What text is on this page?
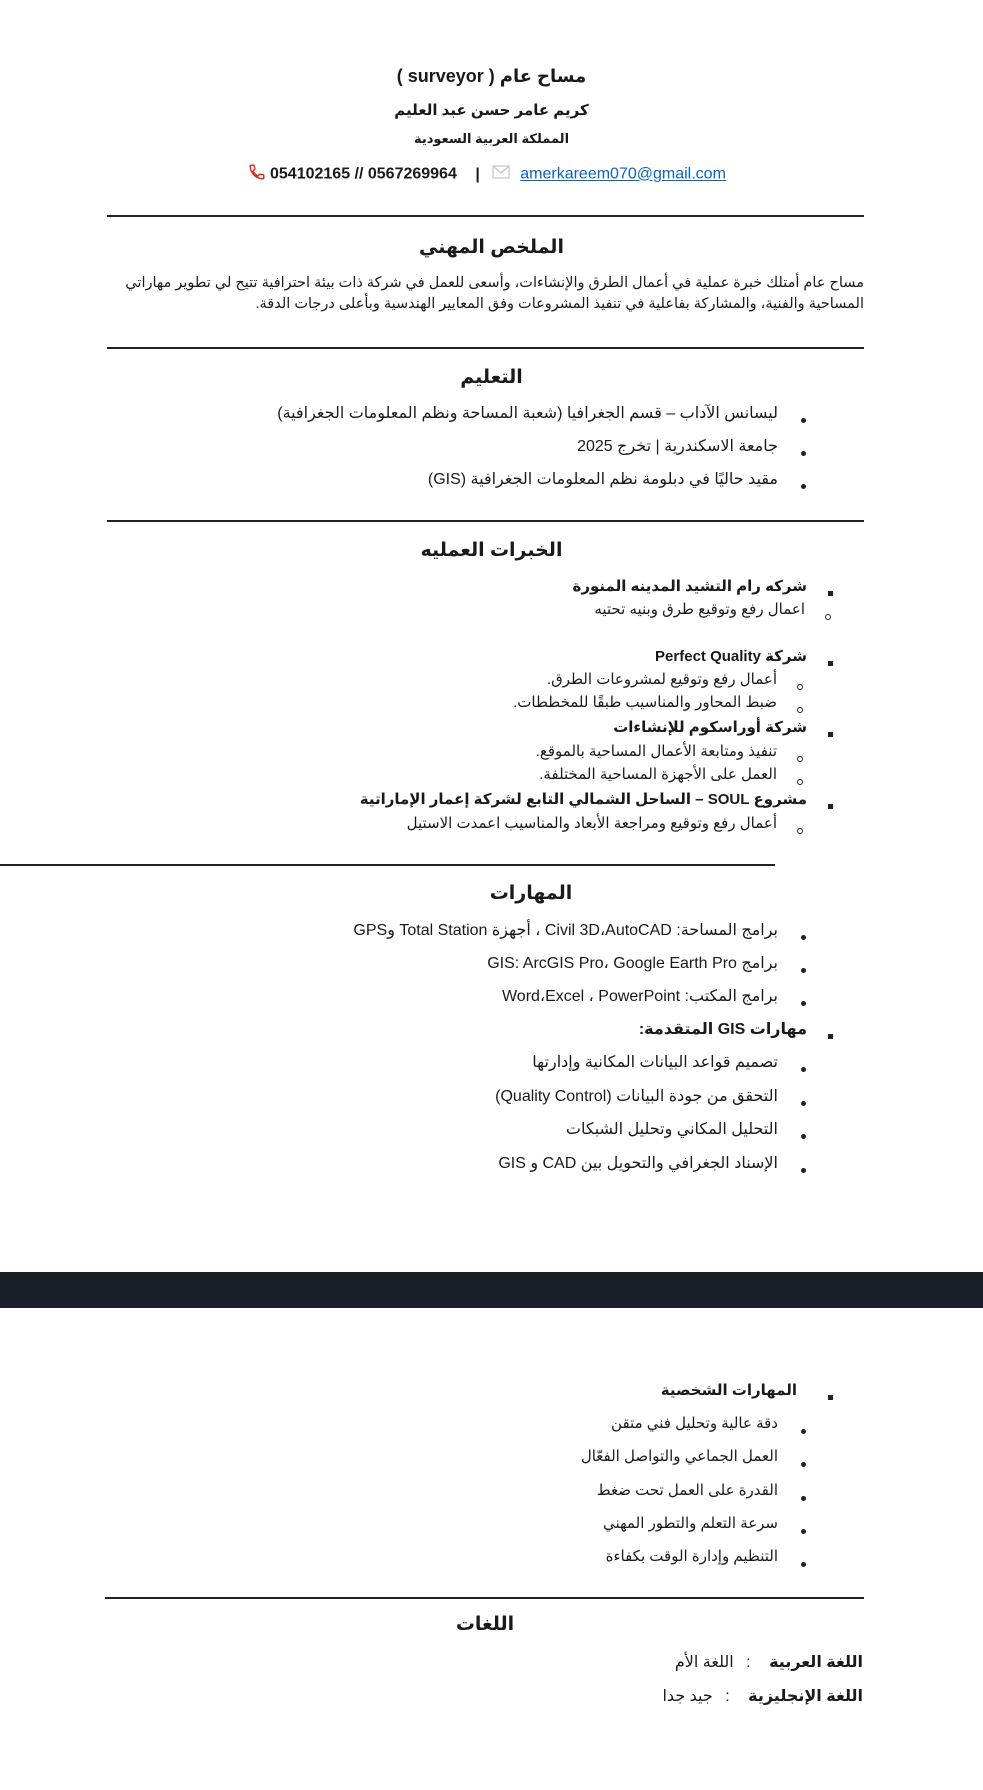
مساح عام ( surveyor )
كريم عامر حسن عبد العليم
المملكة العربية السعودية
054102165 // 0567269964 |	amerkareem070@gmail.com
الملخص المهني
مساح عام أمتلك خبرة عملية في أعمال الطرق والإنشاءات، وأسعى للعمل في شركة ذات بيئة احترافية تتيح لي تطوير مهاراتي
المساحية والفنية، والمشاركة بفاعلية في تنفيذ المشروعات وفق المعايير الهندسية وبأعلى درجات الدقة.
التعليم
ليسانس الآداب – قسم الجغرافيا (شعبة المساحة ونظم المعلومات الجغرافية)
جامعة الاسكندرية | تخرج 2025
مقيد حاليًا في دبلومة نظم المعلومات الجغرافية (GIS)
الخبرات العمليه
شركه رام التشيد المدينه المنورة
اعمال رفع وتوقيع طرق وبنيه تحتيه
شركة Perfect Quality
أعمال رفع وتوقيع لمشروعات الطرق.
ضبط المحاور والمناسيب طبقًا للمخططات.
شركة أوراسكوم للإنشاءات
تنفيذ ومتابعة الأعمال المساحية بالموقع.
العمل على الأجهزة المساحية المختلفة.
مشروع SOUL – الساحل الشمالي التابع لشركة إعمار الإماراتية
أعمال رفع وتوقيع ومراجعة الأبعاد والمناسيب اعمدت الاستيل
المهارات
برامج المساحة: Civil 3D،AutoCAD ، أجهزة Total Station وGPS
برامج GIS: ArcGIS Pro، Google Earth Pro
برامج المكتب: Word،Excel ، PowerPoint
مهارات GIS المتقدمة:
تصميم قواعد البيانات المكانية وإدارتها
التحقق من جودة البيانات (Quality Control)
التحليل المكاني وتحليل الشبكات
الإسناد الجغرافي والتحويل بين CAD و GIS
المهارات الشخصية
دقة عالية وتحليل فني متقن
العمل الجماعي والتواصل الفعّال
القدرة على العمل تحت ضغط
سرعة التعلم والتطور المهني
التنظيم وإدارة الوقت بكفاءة
اللغات
اللغة العربية : اللغة الأم
اللغة الإنجليزية : جيد جدا
